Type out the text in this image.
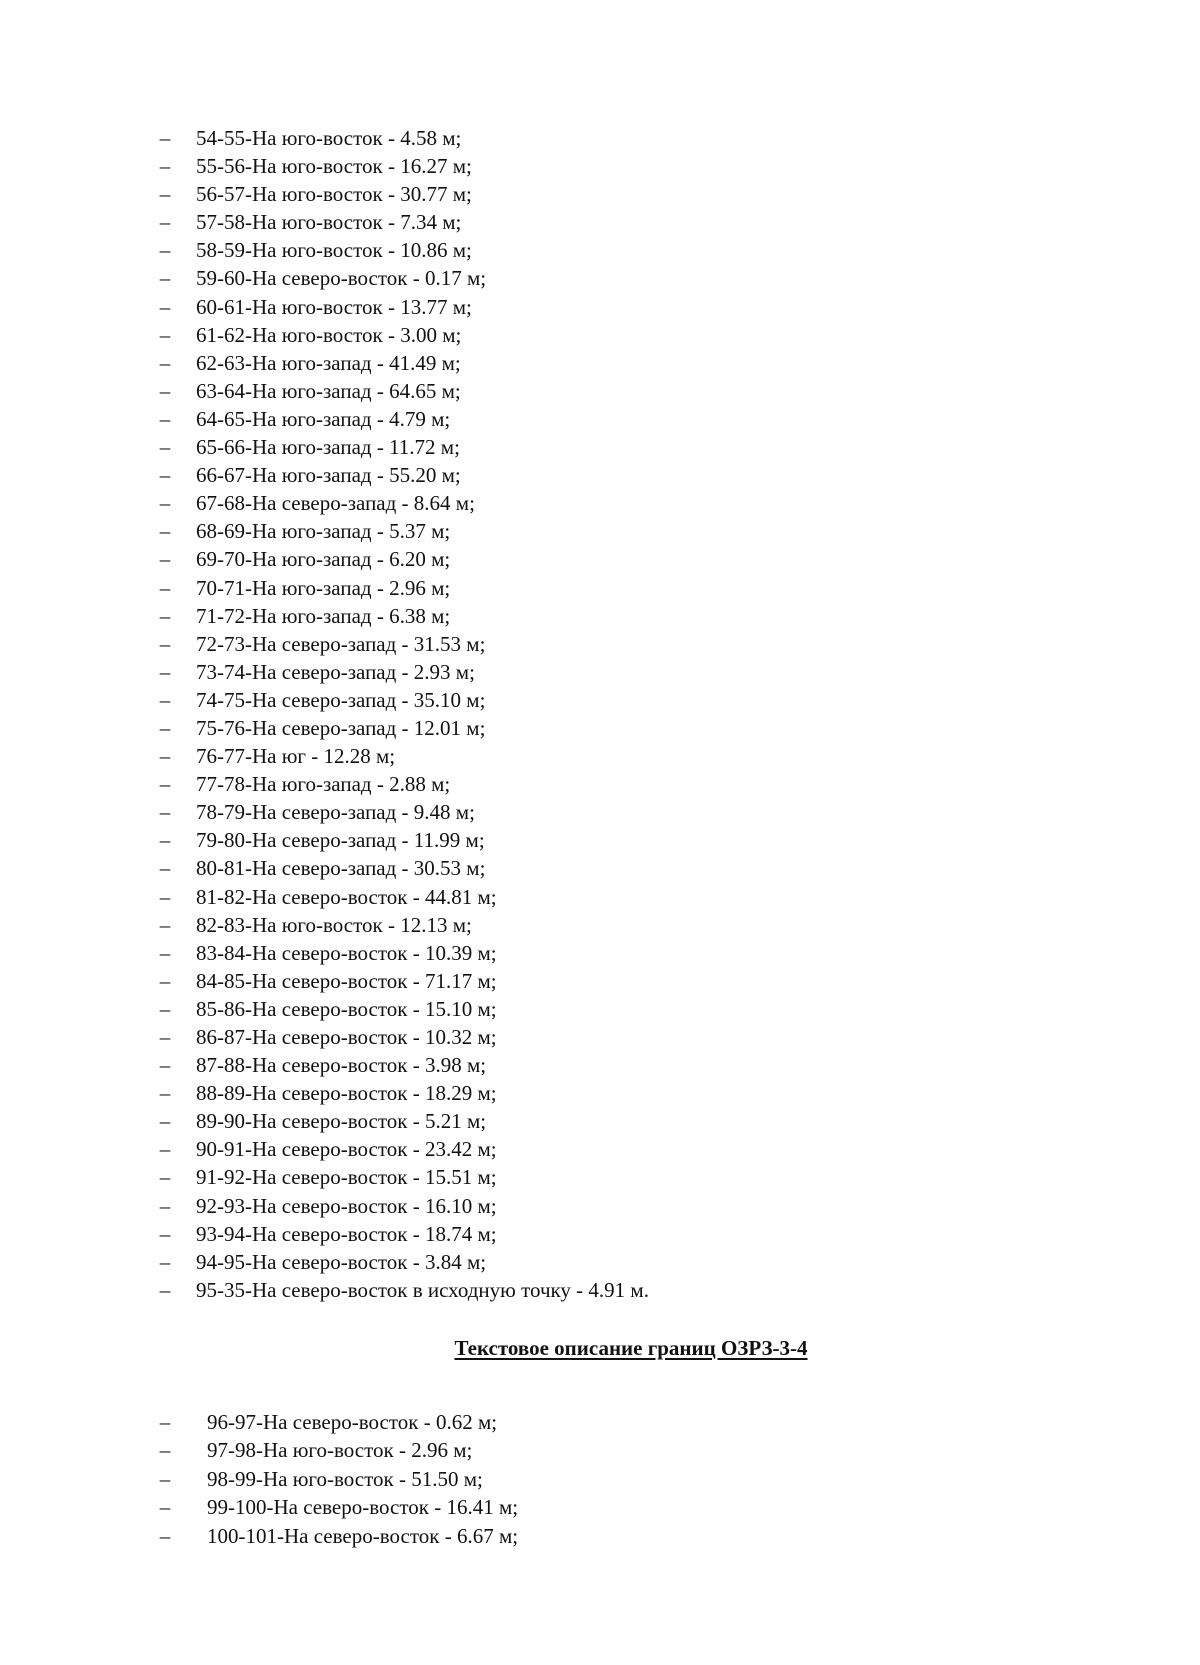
– 54-55-На юго-восток - 4.58 м;
– 55-56-На юго-восток - 16.27 м;
– 56-57-На юго-восток - 30.77 м;
– 57-58-На юго-восток - 7.34 м;
– 58-59-На юго-восток - 10.86 м;
– 59-60-На северо-восток - 0.17 м;
– 60-61-На юго-восток - 13.77 м;
– 61-62-На юго-восток - 3.00 м;
– 62-63-На юго-запад - 41.49 м;
– 63-64-На юго-запад - 64.65 м;
– 64-65-На юго-запад - 4.79 м;
– 65-66-На юго-запад - 11.72 м;
– 66-67-На юго-запад - 55.20 м;
– 67-68-На северо-запад - 8.64 м;
– 68-69-На юго-запад - 5.37 м;
– 69-70-На юго-запад - 6.20 м;
– 70-71-На юго-запад - 2.96 м;
– 71-72-На юго-запад - 6.38 м;
– 72-73-На северо-запад - 31.53 м;
– 73-74-На северо-запад - 2.93 м;
– 74-75-На северо-запад - 35.10 м;
– 75-76-На северо-запад - 12.01 м;
– 76-77-На юг - 12.28 м;
– 77-78-На юго-запад - 2.88 м;
– 78-79-На северо-запад - 9.48 м;
– 79-80-На северо-запад - 11.99 м;
– 80-81-На северо-запад - 30.53 м;
– 81-82-На северо-восток - 44.81 м;
– 82-83-На юго-восток - 12.13 м;
– 83-84-На северо-восток - 10.39 м;
– 84-85-На северо-восток - 71.17 м;
– 85-86-На северо-восток - 15.10 м;
– 86-87-На северо-восток - 10.32 м;
– 87-88-На северо-восток - 3.98 м;
– 88-89-На северо-восток - 18.29 м;
– 89-90-На северо-восток - 5.21 м;
– 90-91-На северо-восток - 23.42 м;
– 91-92-На северо-восток - 15.51 м;
– 92-93-На северо-восток - 16.10 м;
– 93-94-На северо-восток - 18.74 м;
– 94-95-На северо-восток - 3.84 м;
– 95-35-На северо-восток в исходную точку - 4.91 м.
Текстовое описание границ ОЗРЗ-3-4
– 96-97-На северо-восток - 0.62 м;
– 97-98-На юго-восток - 2.96 м;
– 98-99-На юго-восток - 51.50 м;
– 99-100-На северо-восток - 16.41 м;
– 100-101-На северо-восток - 6.67 м;
